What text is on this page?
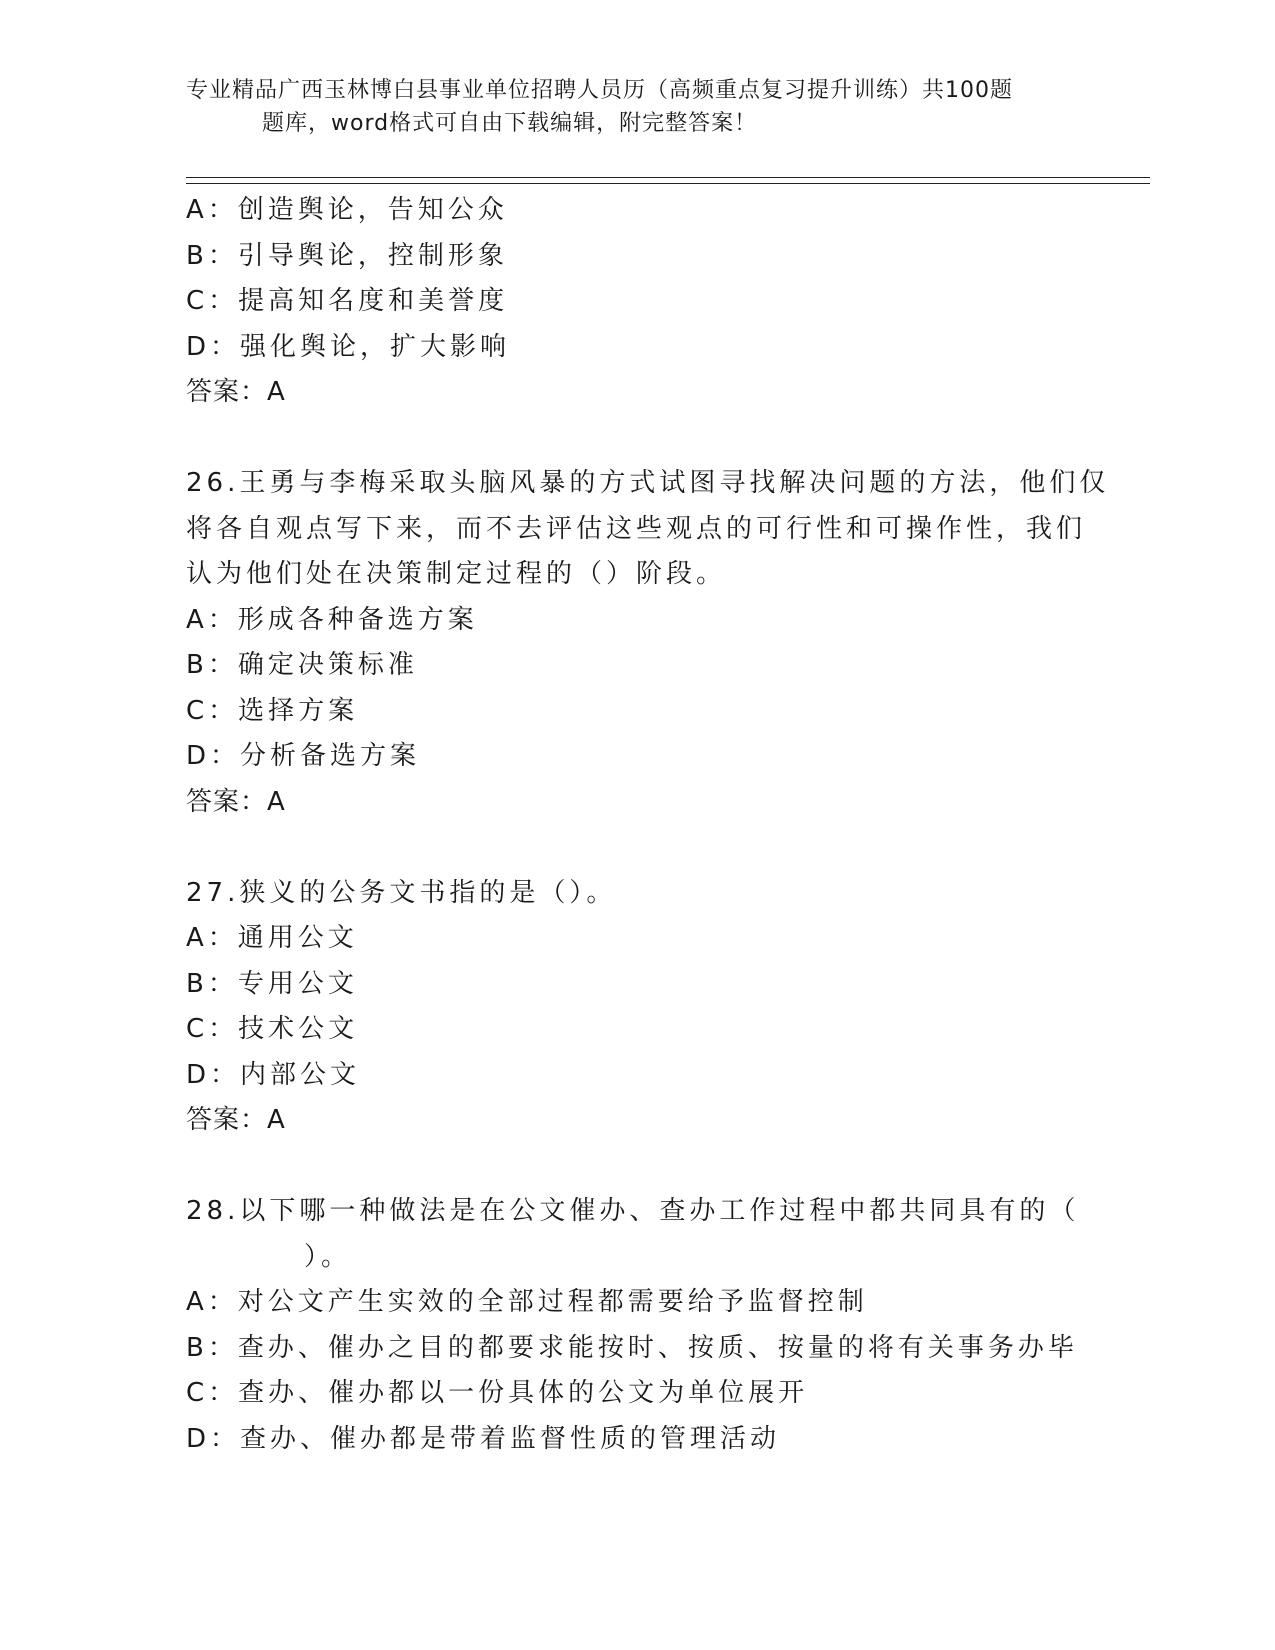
专业精品广西玉林博白县事业单位招聘人员历（高频重点复习提升训练）共100题
题库，word格式可自由下载编辑，附完整答案！
A：创造舆论，告知公众
B：引导舆论，控制形象
C：提高知名度和美誉度
D：强化舆论，扩大影响
答案：A
26.王勇与李梅采取头脑风暴的方式试图寻找解决问题的方法，他们仅
将各自观点写下来，而不去评估这些观点的可行性和可操作性，我们
认为他们处在决策制定过程的（）阶段。
A：形成各种备选方案
B：确定决策标准
C：选择方案
D：分析备选方案
答案：A
27.狭义的公务文书指的是（）。
A：通用公文
B：专用公文
C：技术公文
D：内部公文
答案：A
28.以下哪一种做法是在公文催办、查办工作过程中都共同具有的（
）。
A：对公文产生实效的全部过程都需要给予监督控制
B：查办、催办之目的都要求能按时、按质、按量的将有关事务办毕
C：查办、催办都以一份具体的公文为单位展开
D：查办、催办都是带着监督性质的管理活动
